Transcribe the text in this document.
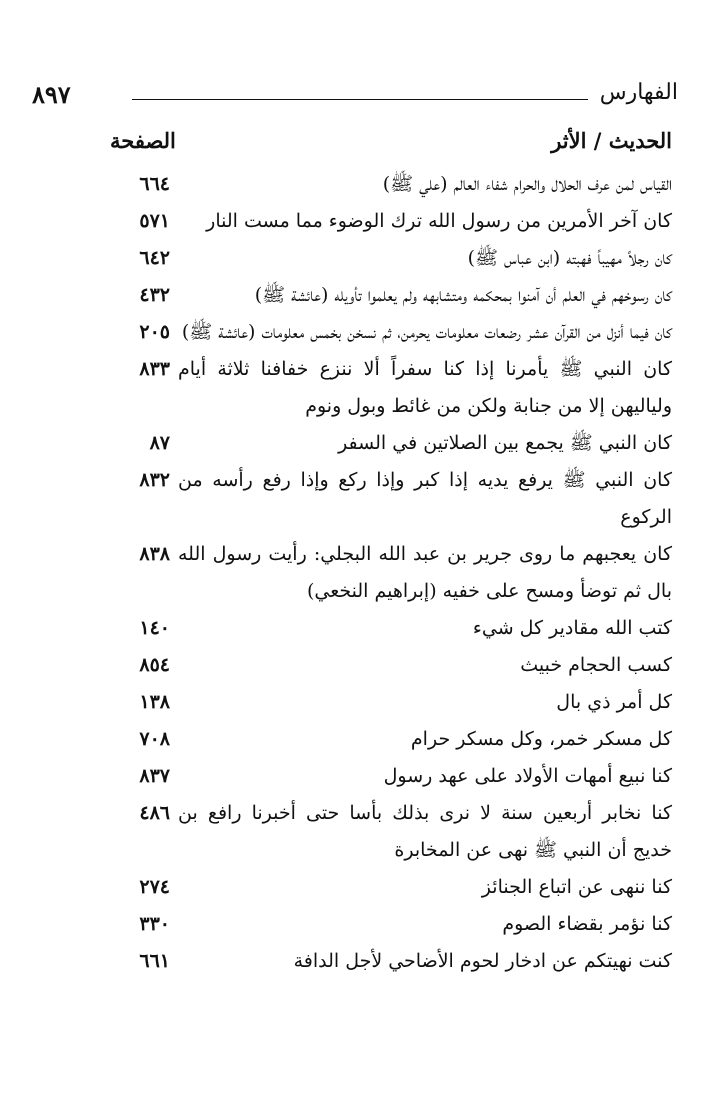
٨٩٧	الفهارس
الحديث / الأثر
الصفحة
القياس لمن عرف الحلال والحرام شفاء العالم (علي ﷺ)
٦٦٤
كان آخر الأمرين من رسول الله ترك الوضوء مما مست النار
٥٧١
كان رجلاً مهيباً فهبته (ابن عباس ﷺ)
٦٤٢
كان رسوخهم في العلم أن آمنوا بمحكمه ومتشابهه ولم يعلموا تأويله (عائشة ﷺ)
٤٣٢
كان فيما أنزل من القرآن عشر رضعات معلومات يحرمن، ثم نسخن بخمس معلومات (عائشة ﷺ)
٢٠٥
كان النبي ﷺ يأمرنا إذا كنا سفراً ألا ننزع خفافنا ثلاثة أيام ولياليهن إلا من جنابة ولكن من غائط وبول ونوم
٨٣٣
كان النبي ﷺ يجمع بين الصلاتين في السفر
٨٧
كان النبي ﷺ يرفع يديه إذا كبر وإذا ركع وإذا رفع رأسه من الركوع
٨٣٢
كان يعجبهم ما روى جرير بن عبد الله البجلي: رأيت رسول الله بال ثم توضأ ومسح على خفيه (إبراهيم النخعي)
٨٣٨
كتب الله مقادير كل شيء
١٤٠
كسب الحجام خبيث
٨٥٤
كل أمر ذي بال
١٣٨
كل مسكر خمر، وكل مسكر حرام
٧٠٨
كنا نبيع أمهات الأولاد على عهد رسول
٨٣٧
كنا نخابر أربعين سنة لا نرى بذلك بأسا حتى أخبرنا رافع بن خديج أن النبي ﷺ نهى عن المخابرة
٤٨٦
كنا ننهى عن اتباع الجنائز
٢٧٤
كنا نؤمر بقضاء الصوم
٣٣٠
كنت نهيتكم عن ادخار لحوم الأضاحي لأجل الدافة
٦٦١
